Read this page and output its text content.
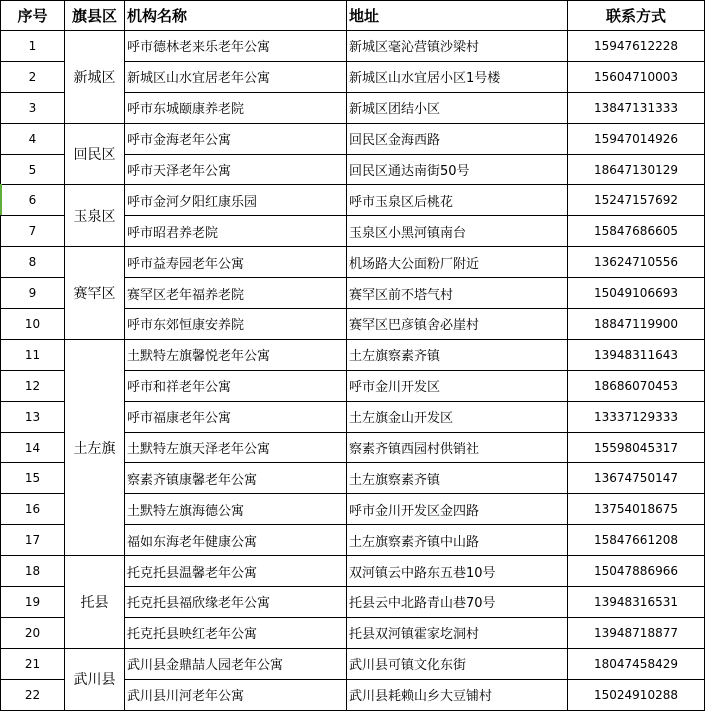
序号	旗县区	机构名称	地址	联系方式
1	新城区	呼市德林老来乐老年公寓	新城区毫沁营镇沙梁村	15947612228
2		新城区山水宜居老年公寓	新城区山水宜居小区1号楼	15604710003
3		呼市东城颐康养老院	新城区团结小区	13847131333
4	回民区	呼市金海老年公寓	回民区金海西路	15947014926
5		呼市天泽老年公寓	回民区通达南街50号	18647130129
6	玉泉区	呼市金河夕阳红康乐园	呼市玉泉区后桃花	15247157692
7		呼市昭君养老院	玉泉区小黑河镇南台	15847686605
8	赛罕区	呼市益寿园老年公寓	机场路大公面粉厂附近	13624710556
9		赛罕区老年福养老院	赛罕区前不塔气村	15049106693
10		呼市东郊恒康安养院	赛罕区巴彦镇舍必崖村	18847119900
11	土左旗	土默特左旗馨悦老年公寓	土左旗察素齐镇	13948311643
12		呼市和祥老年公寓	呼市金川开发区	18686070453
13		呼市福康老年公寓	土左旗金山开发区	13337129333
14		土默特左旗天泽老年公寓	察素齐镇西园村供销社	15598045317
15		察素齐镇康馨老年公寓	土左旗察素齐镇	13674750147
16		土默特左旗海德公寓	呼市金川开发区金四路	13754018675
17		福如东海老年健康公寓	土左旗察素齐镇中山路	15847661208
18	托县	托克托县温馨老年公寓	双河镇云中路东五巷10号	15047886966
19		托克托县福欣缘老年公寓	托县云中北路青山巷70号	13948316531
20		托克托县映红老年公寓	托县双河镇霍家圪洞村	13948718877
21	武川县	武川县金鼎喆人园老年公寓	武川县可镇文化东街	18047458429
22		武川县川河老年公寓	武川县耗赖山乡大豆铺村	15024910288
